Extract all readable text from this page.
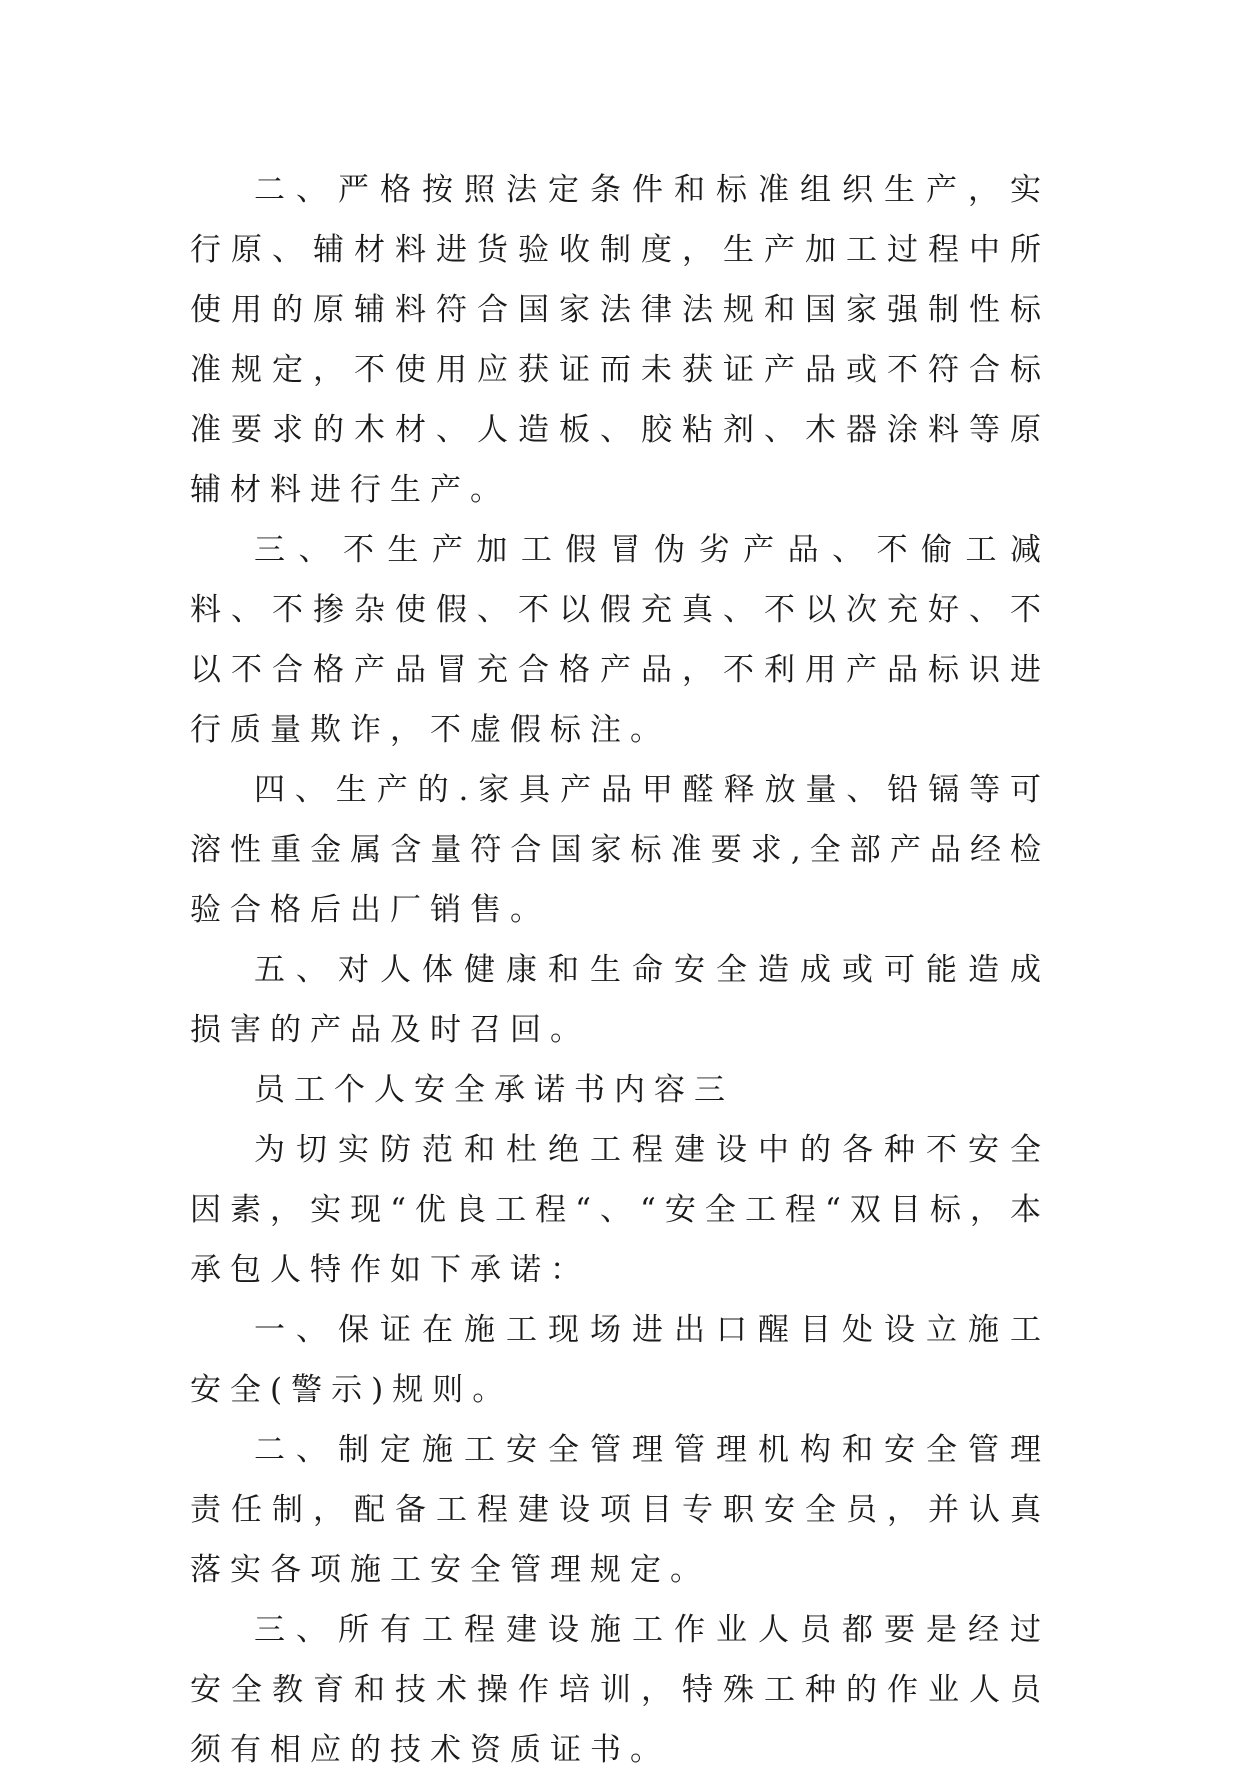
二、严格按照法定条件和标准组织生产，实行原、辅材料进货验收制度，生产加工过程中所使用的原辅料符合国家法律法规和国家强制性标准规定，不使用应获证而未获证产品或不符合标准要求的木材、人造板、胶粘剂、木器涂料等原辅材料进行生产。

三、不生产加工假冒伪劣产品、不偷工减料、不掺杂使假、不以假充真、不以次充好、不以不合格产品冒充合格产品，不利用产品标识进行质量欺诈，不虚假标注。

四、生产的.家具产品甲醛释放量、铅镉等可溶性重金属含量符合国家标准要求,全部产品经检验合格后出厂销售。

五、对人体健康和生命安全造成或可能造成损害的产品及时召回。

员工个人安全承诺书内容三

为切实防范和杜绝工程建设中的各种不安全因素，实现“优良工程“、“安全工程“双目标，本承包人特作如下承诺：

一、保证在施工现场进出口醒目处设立施工安全(警示)规则。

二、制定施工安全管理管理机构和安全管理责任制，配备工程建设项目专职安全员，并认真落实各项施工安全管理规定。

三、所有工程建设施工作业人员都要是经过安全教育和技术操作培训，特殊工种的作业人员须有相应的技术资质证书。
